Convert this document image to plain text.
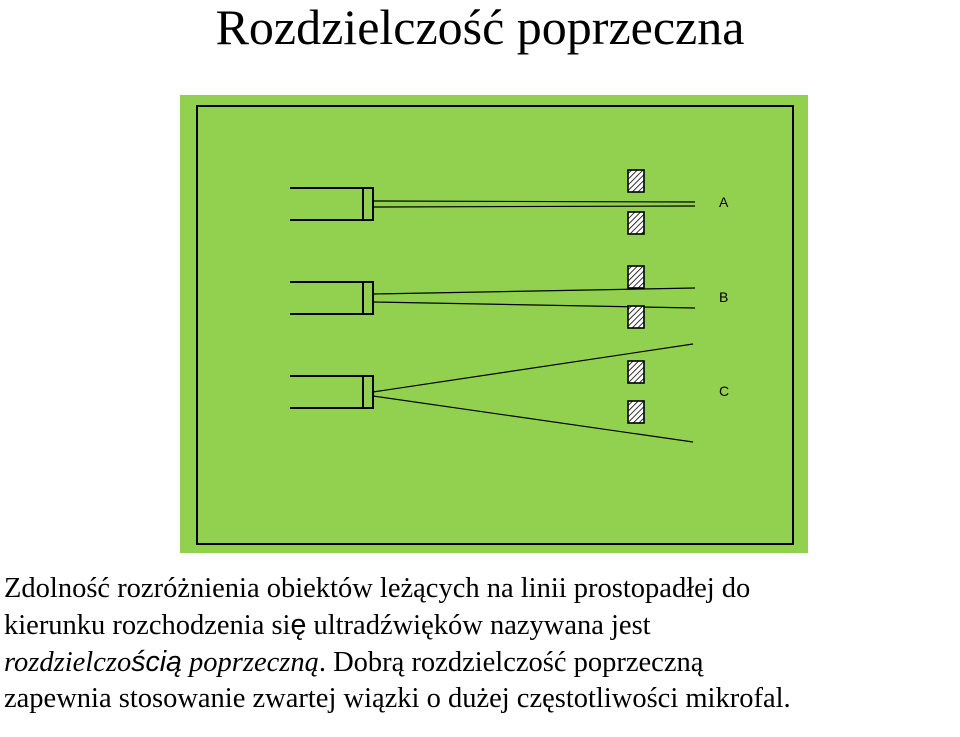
Rozdzielczość poprzeczna
A
B
C
Zdolność rozróżnienia obiektów leżących na linii prostopadłej do
kierunku rozchodzenia się ultradźwięków nazywana jest
rozdzielczością poprzeczną. Dobrą rozdzielczość poprzeczną
zapewnia stosowanie zwartej wiązki o dużej częstotliwości mikrofal.
